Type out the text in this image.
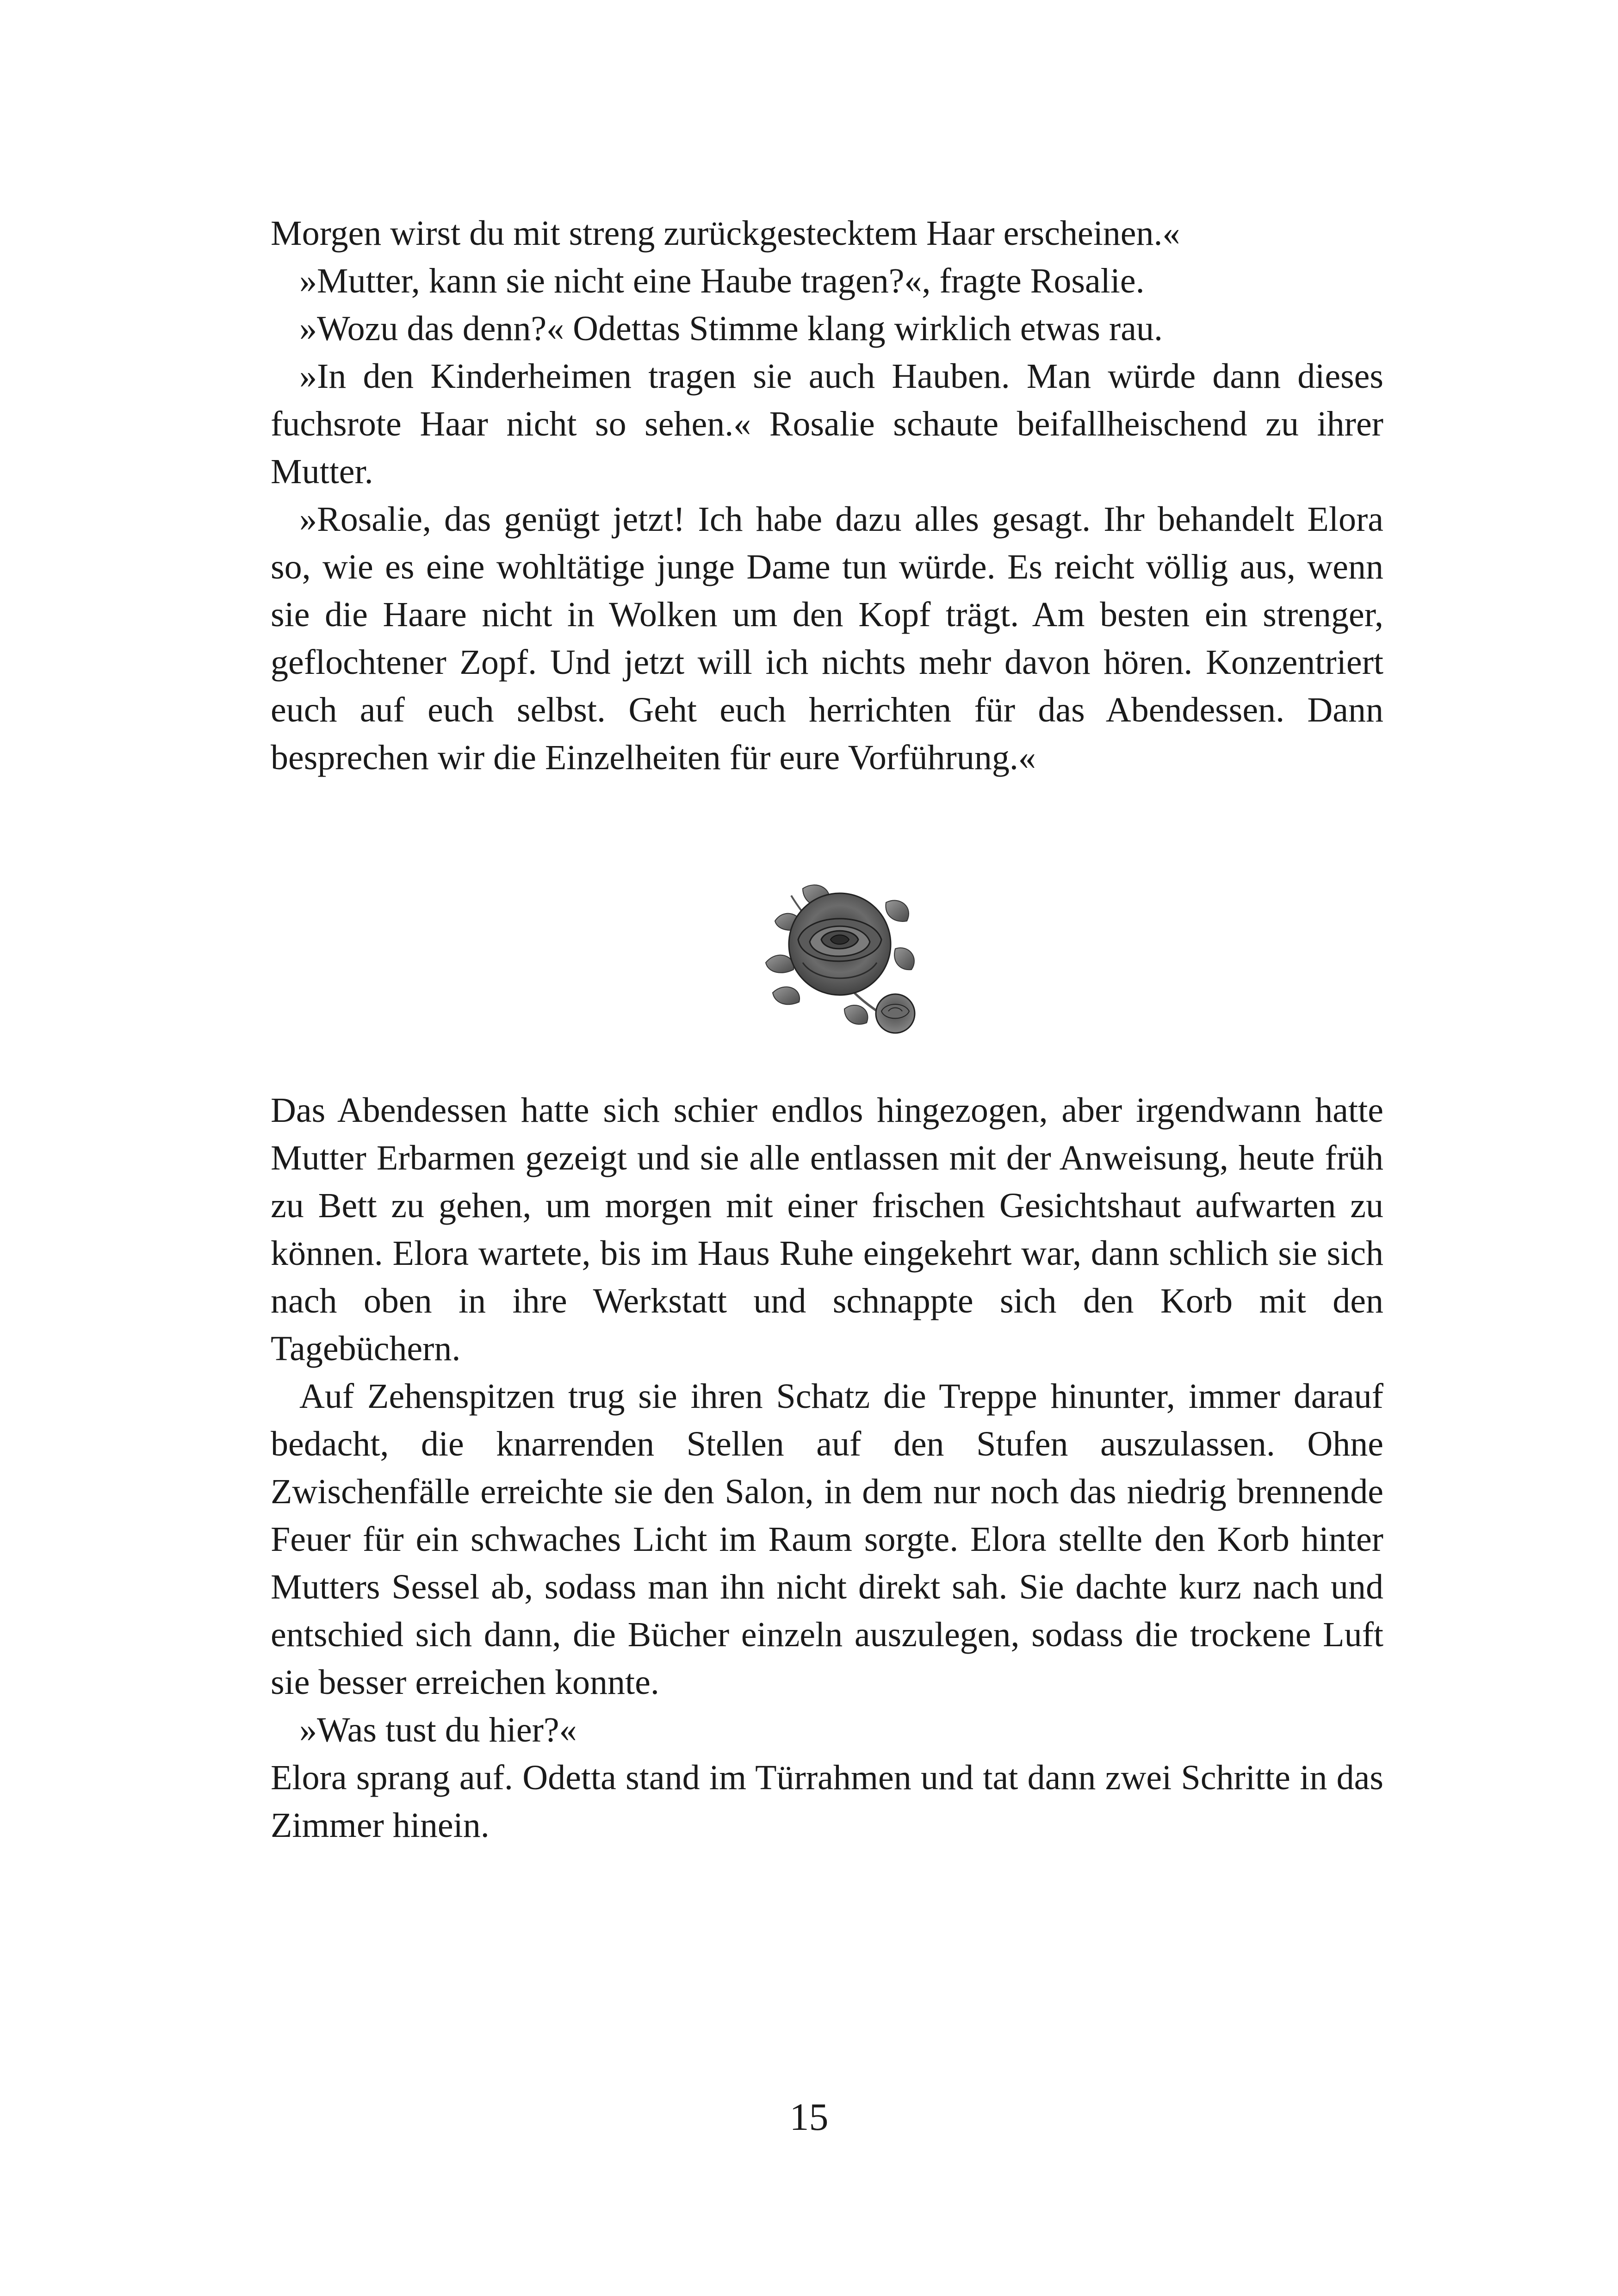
Morgen wirst du mit streng zurückgestecktem Haar erscheinen.«

»Mutter, kann sie nicht eine Haube tragen?«, fragte Rosalie.

»Wozu das denn?« Odettas Stimme klang wirklich etwas rau.

»In den Kinderheimen tragen sie auch Hauben. Man würde dann dieses fuchsrote Haar nicht so sehen.« Rosalie schaute beifallheischend zu ihrer Mutter.

»Rosalie, das genügt jetzt! Ich habe dazu alles gesagt. Ihr behandelt Elora so, wie es eine wohltätige junge Dame tun würde. Es reicht völlig aus, wenn sie die Haare nicht in Wolken um den Kopf trägt. Am besten ein strenger, geflochtener Zopf. Und jetzt will ich nichts mehr davon hören. Konzentriert euch auf euch selbst. Geht euch herrichten für das Abendessen. Dann besprechen wir die Einzelheiten für eure Vorführung.«

Das Abendessen hatte sich schier endlos hingezogen, aber irgendwann hatte Mutter Erbarmen gezeigt und sie alle entlassen mit der Anweisung, heute früh zu Bett zu gehen, um morgen mit einer frischen Gesichtshaut aufwarten zu können. Elora wartete, bis im Haus Ruhe eingekehrt war, dann schlich sie sich nach oben in ihre Werkstatt und schnappte sich den Korb mit den Tagebüchern.

Auf Zehenspitzen trug sie ihren Schatz die Treppe hinunter, immer darauf bedacht, die knarrenden Stellen auf den Stufen auszulassen. Ohne Zwischenfälle erreichte sie den Salon, in dem nur noch das niedrig brennende Feuer für ein schwaches Licht im Raum sorgte. Elora stellte den Korb hinter Mutters Sessel ab, sodass man ihn nicht direkt sah. Sie dachte kurz nach und entschied sich dann, die Bücher einzeln auszulegen, sodass die trockene Luft sie besser erreichen konnte.

»Was tust du hier?«

Elora sprang auf. Odetta stand im Türrahmen und tat dann zwei Schritte in das Zimmer hinein.

15
